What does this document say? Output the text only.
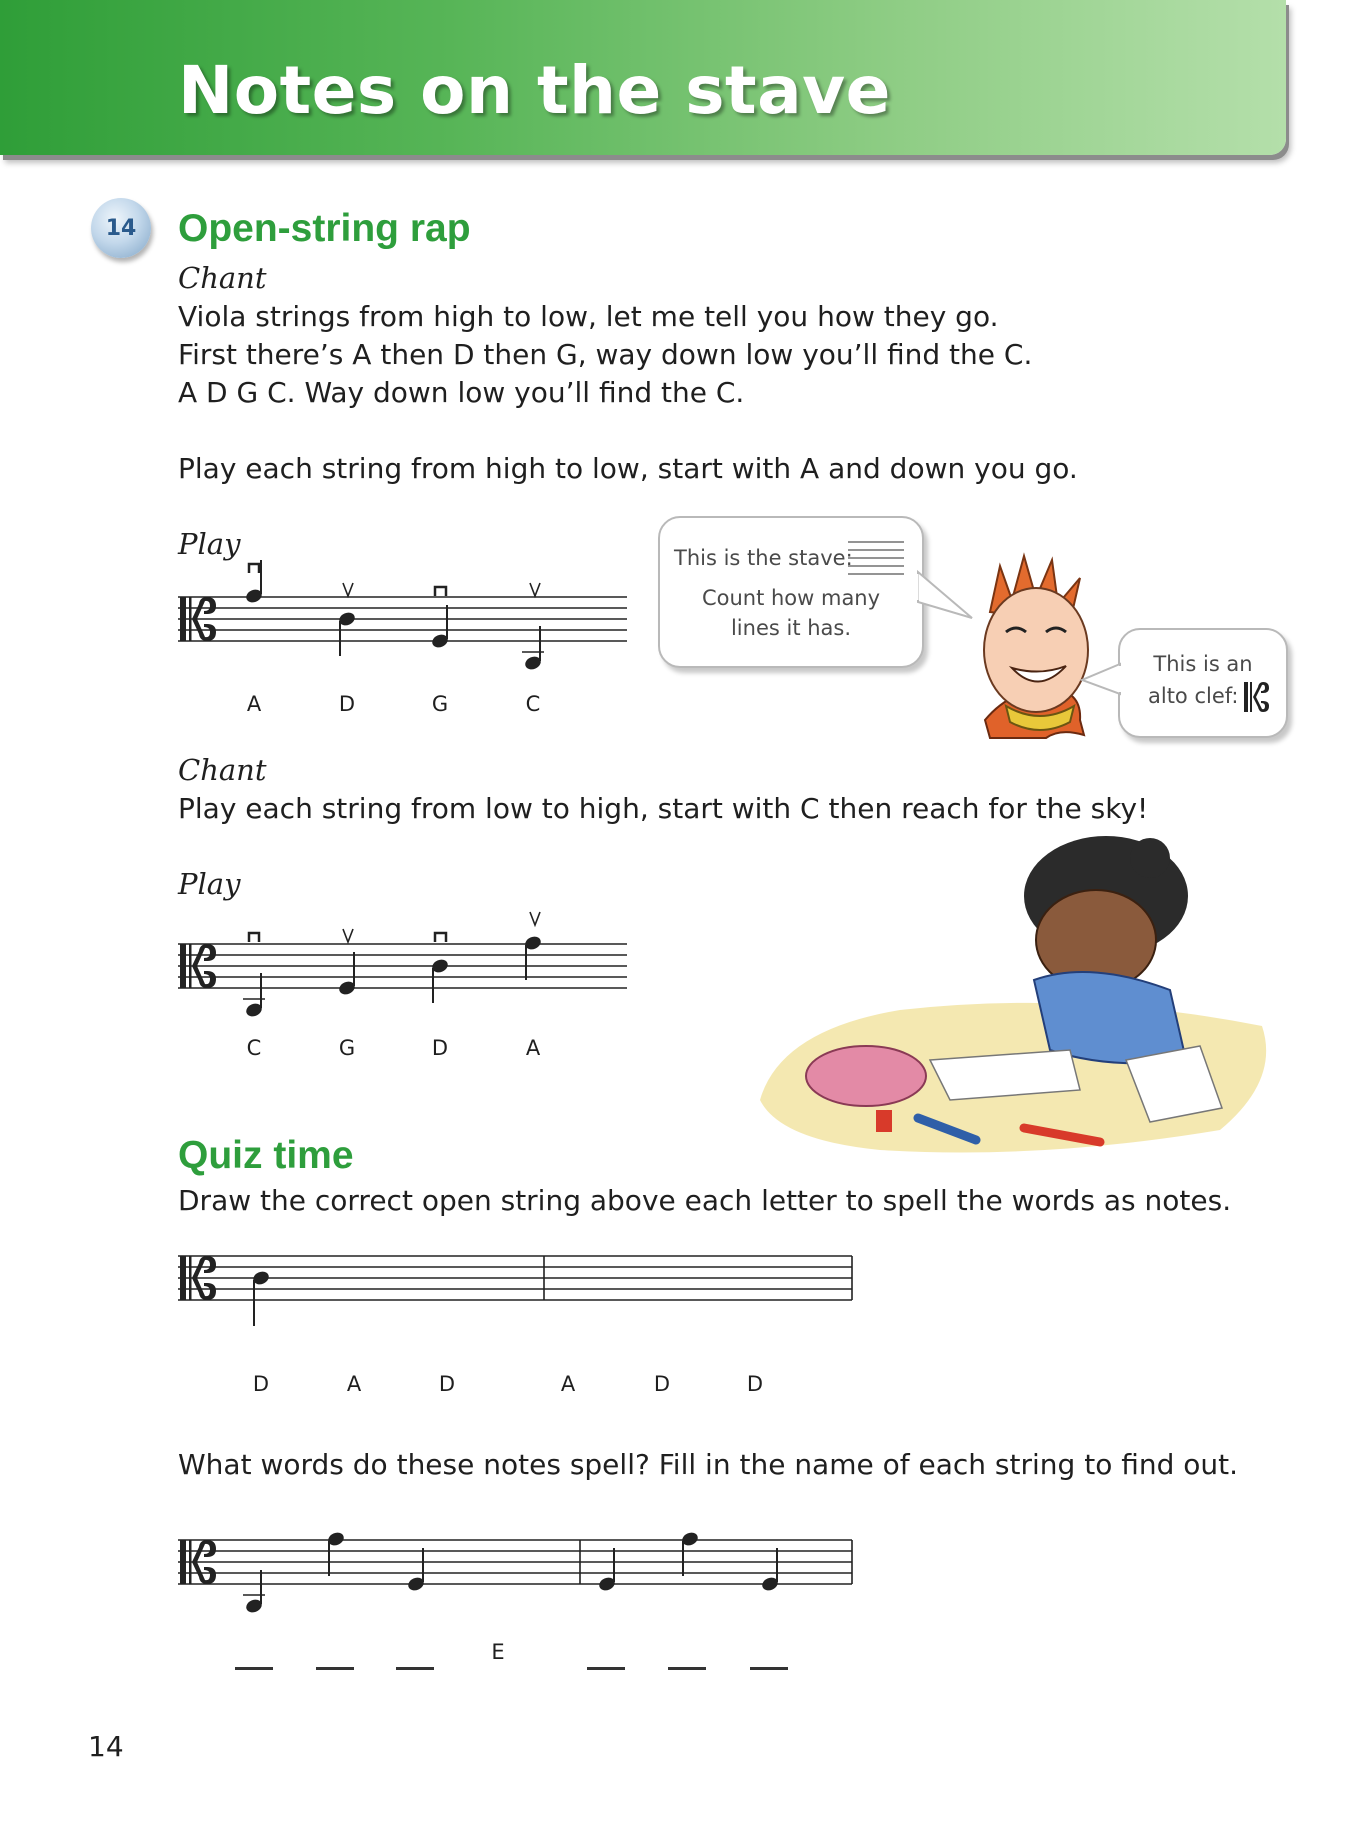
Notes on the stave
14	Open-string rap

Chant

Viola strings from high to low, let me tell you how they go.

First there’s A then D then G, way down low you’ll find the C.

A D G C. Way down low you’ll find the C.

Play each string from high to low, start with A and down you go.

Play

A	D	G	C
This is the stave:
Count how many
lines it has.
This is an
alto clef:

Chant

Play each string from low to high, start with C then reach for the sky!

Play

C	G	D	A
Quiz time

Draw the correct open string above each letter to spell the words as notes.

D	A	D	A	D	D

What words do these notes spell? Fill in the name of each string to find out.

E
14
